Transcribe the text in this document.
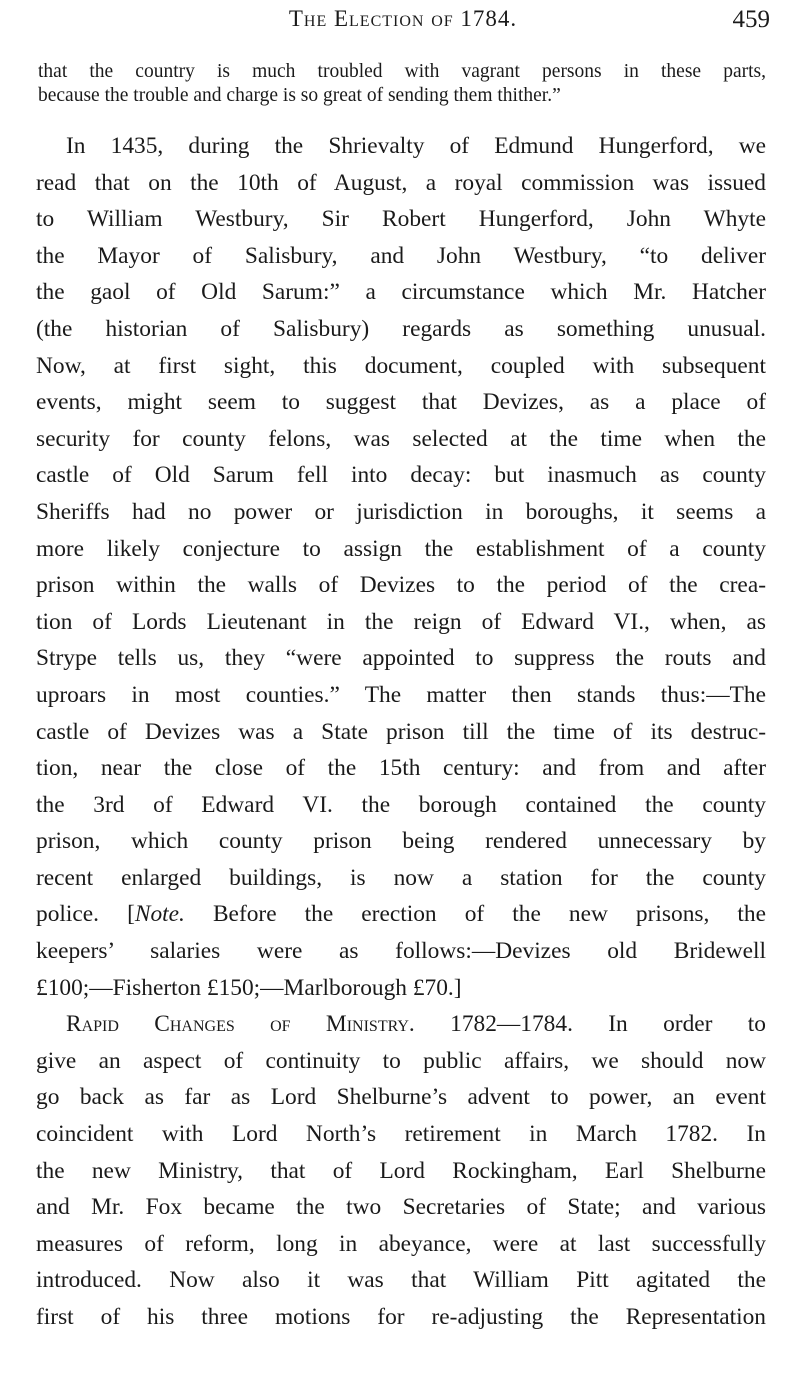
The Election of 1784.	459
that the country is much troubled with vagrant persons in these parts,
because the trouble and charge is so great of sending them thither.”
In 1435, during the Shrievalty of Edmund Hungerford, we
read that on the 10th of August, a royal commission was issued
to William Westbury, Sir Robert Hungerford, John Whyte
the Mayor of Salisbury, and John Westbury, “to deliver
the gaol of Old Sarum:” a circumstance which Mr. Hatcher
(the historian of Salisbury) regards as something unusual.
Now, at first sight, this document, coupled with subsequent
events, might seem to suggest that Devizes, as a place of
security for county felons, was selected at the time when the
castle of Old Sarum fell into decay: but inasmuch as county
Sheriffs had no power or jurisdiction in boroughs, it seems a
more likely conjecture to assign the establishment of a county
prison within the walls of Devizes to the period of the crea-
tion of Lords Lieutenant in the reign of Edward VI., when, as
Strype tells us, they “were appointed to suppress the routs and
uproars in most counties.” The matter then stands thus:—The
castle of Devizes was a State prison till the time of its destruc-
tion, near the close of the 15th century: and from and after
the 3rd of Edward VI. the borough contained the county
prison, which county prison being rendered unnecessary by
recent enlarged buildings, is now a station for the county
police. [Note. Before the erection of the new prisons, the
keepers’ salaries were as follows:—Devizes old Bridewell
£100;—Fisherton £150;—Marlborough £70.]
Rapid Changes of Ministry. 1782—1784. In order to
give an aspect of continuity to public affairs, we should now
go back as far as Lord Shelburne’s advent to power, an event
coincident with Lord North’s retirement in March 1782. In
the new Ministry, that of Lord Rockingham, Earl Shelburne
and Mr. Fox became the two Secretaries of State; and various
measures of reform, long in abeyance, were at last successfully
introduced. Now also it was that William Pitt agitated the
first of his three motions for re-adjusting the Representation
